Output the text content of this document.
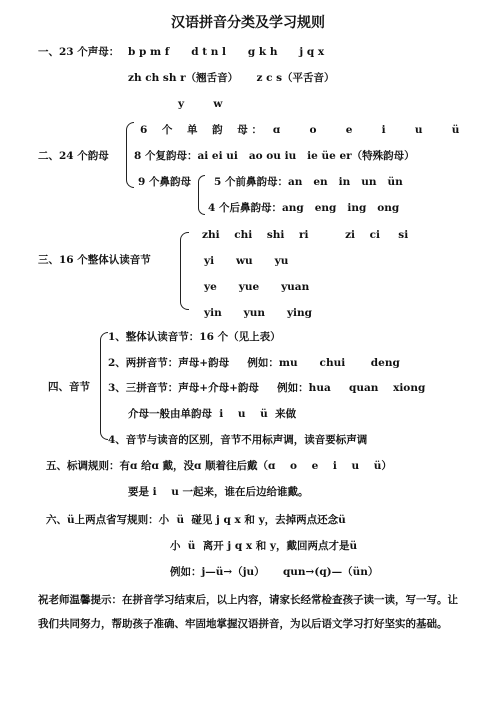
汉语拼音分类及学习规则
一、23 个声母： b p m f      d t n l      g k h      j q x
zh ch sh r（翘舌音）     z c s（平舌音）
y        w
二、24 个韵母
6    个    单    韵    母 ：   ɑ        o        e        i        u        ü
8 个复韵母：ai ei ui   ao ou iu   ie üe er（特殊韵母）
9 个鼻韵母 5 个前鼻韵母：an   en   in   un   ün
4 个后鼻韵母：ang   eng   ing   ong
三、16 个整体认读音节
zhi    chi    shi    ri          zi    ci     si
yi      wu      yu
ye      yue      yuan
yin      yun      ying
四、音节
1、整体认读音节：16 个（见上表）
2、两拼音节：声母+韵母     例如：mu      chui       deng
3、三拼音节：声母+介母+韵母     例如：hua     quan    xiong
介母一般由单韵母  i    u    ü  来做
4、音节与读音的区别，音节不用标声调，读音要标声调
五、标调规则：有ɑ 给ɑ 戴，没ɑ 顺着往后戴（ɑ    o    e    i    u    ü）
要是 i    u 一起来，谁在后边给谁戴。
六、ü上两点省写规则：小  ü  碰见 j q x 和 y，去掉两点还念ü
小  ü  离开 j q x 和 y，戴回两点才是ü
例如：j—ü→（ju）     qun→(q)—（ün）
祝老师温馨提示：在拼音学习结束后，以上内容，请家长经常检查孩子读一读，写一写。让我们共同努力，帮助孩子准确、牢固地掌握汉语拼音，为以后语文学习打好坚实的基础。
